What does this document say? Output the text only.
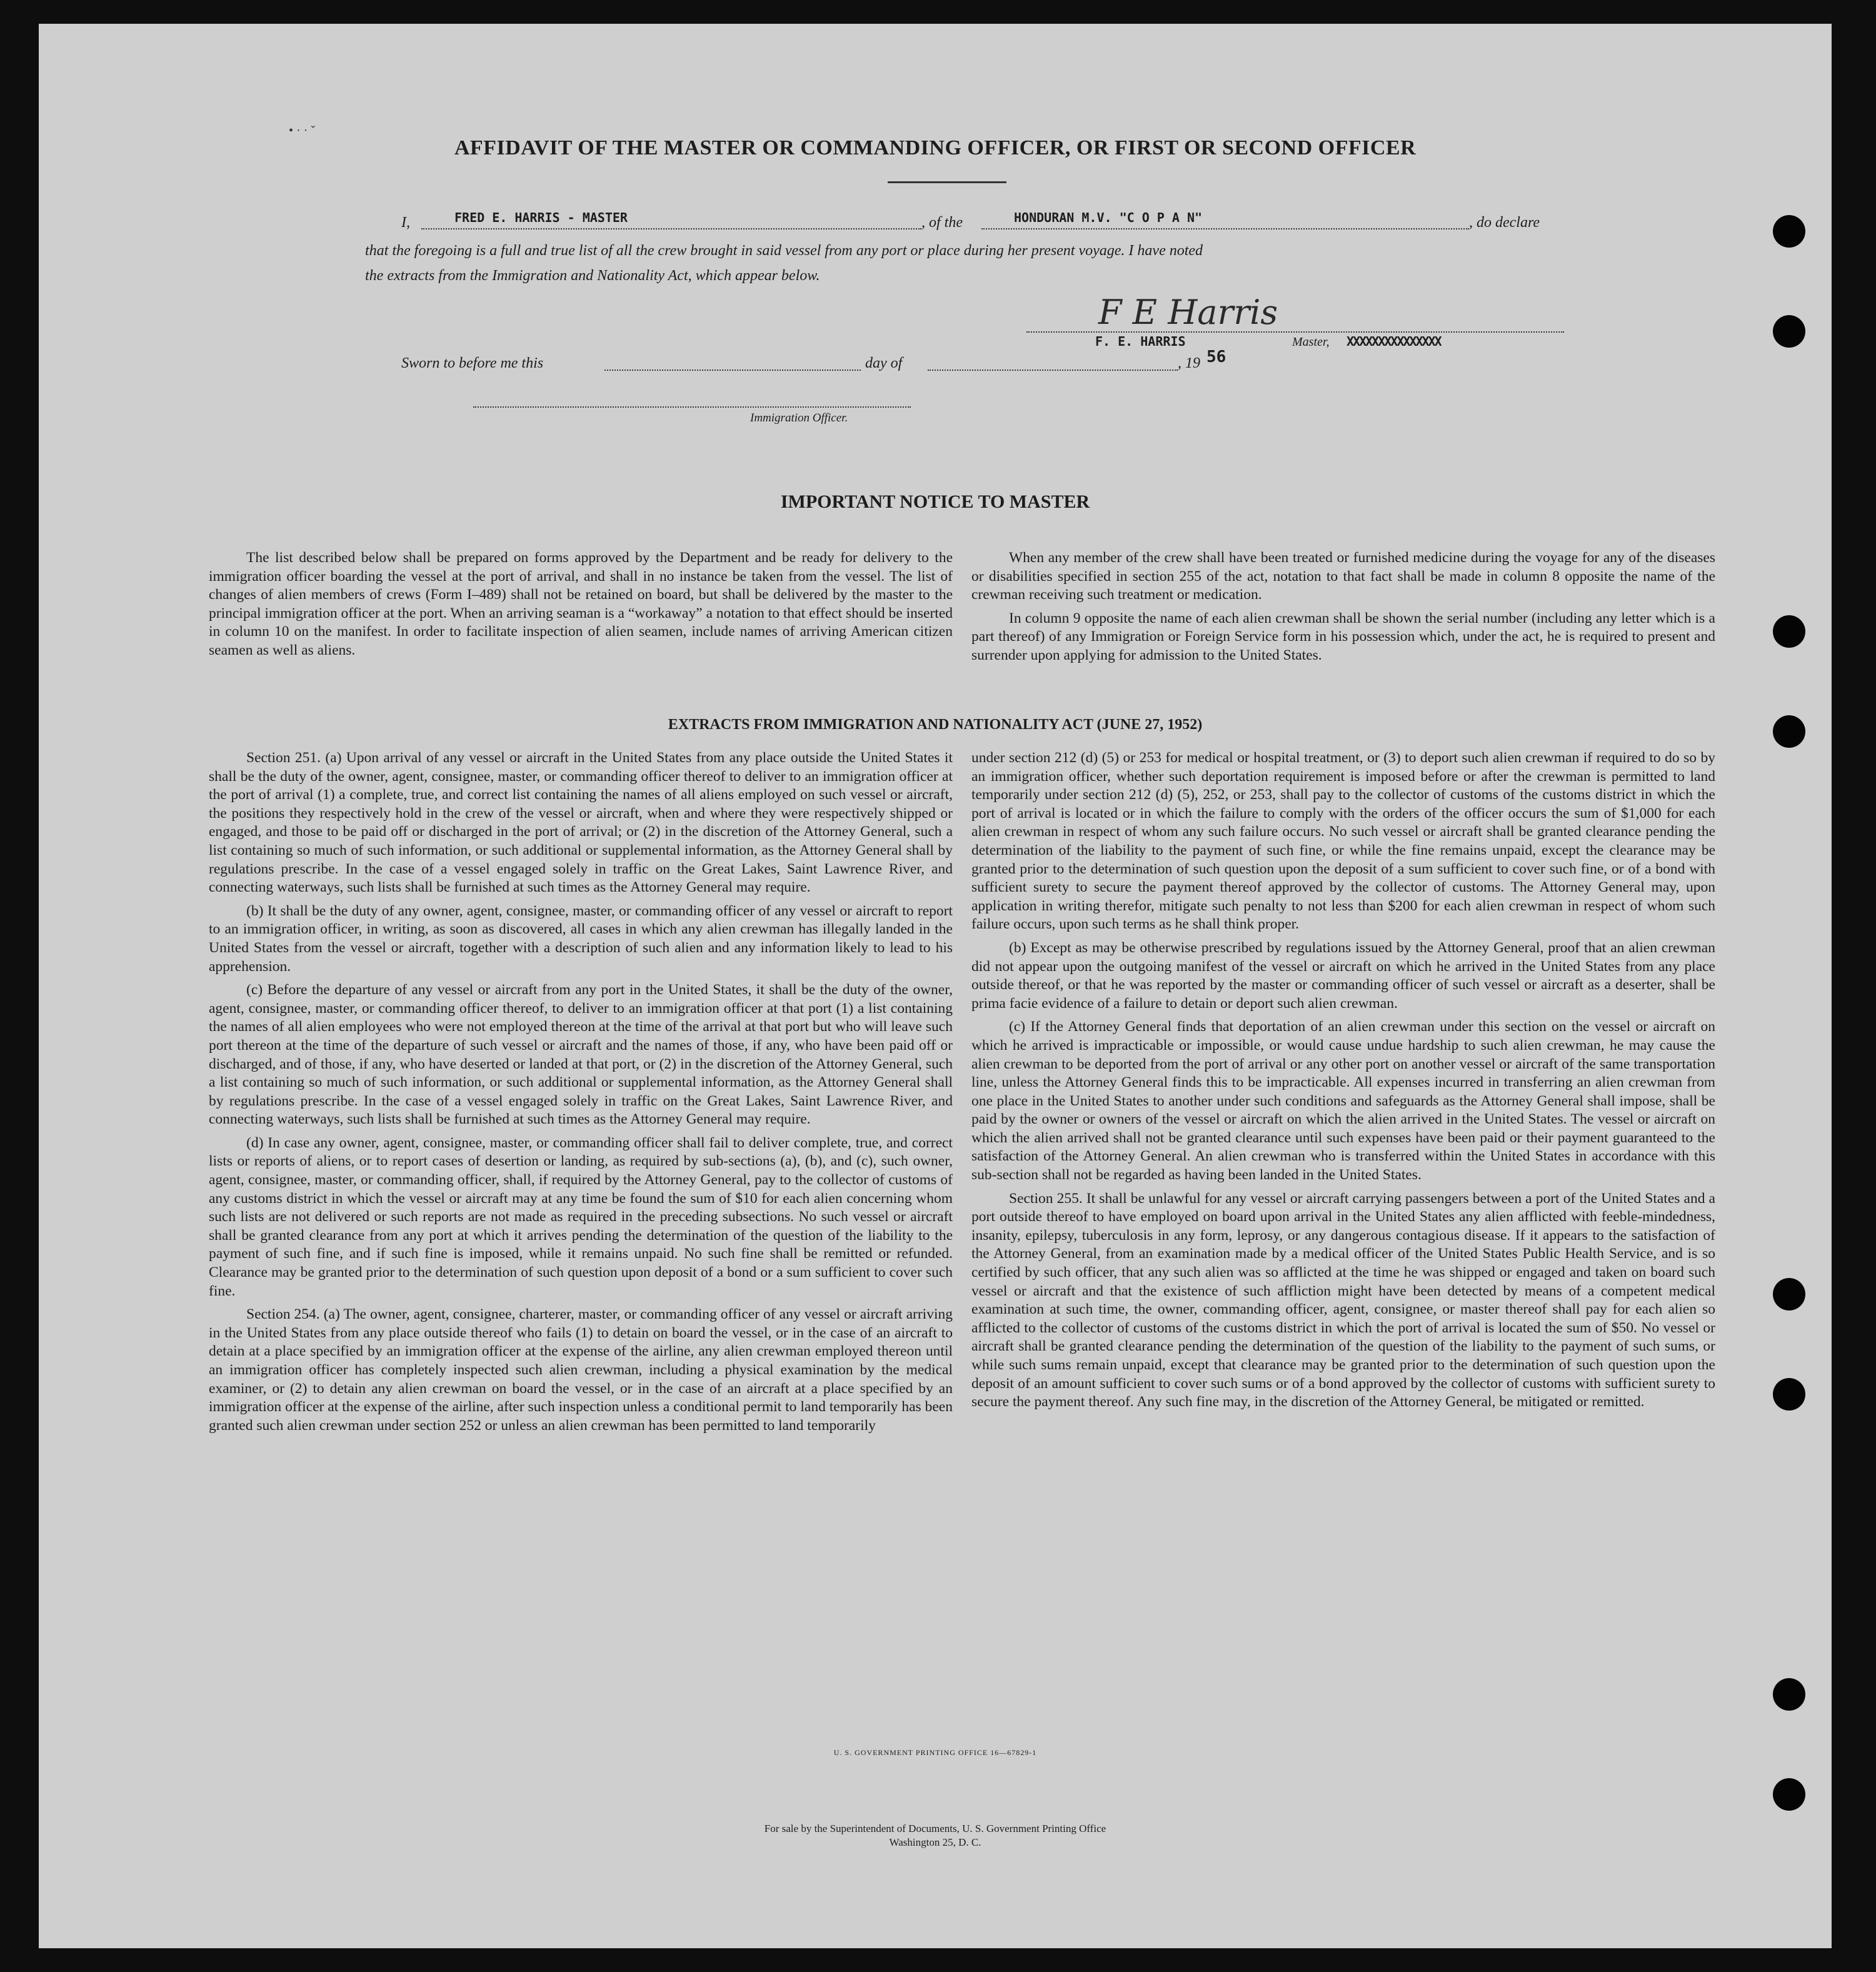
• · · ˇ
AFFIDAVIT OF THE MASTER OR COMMANDING OFFICER, OR FIRST OR SECOND OFFICER
I,	FRED E. HARRIS - MASTER	, of the	HONDURAN M.V. "C O P A N"	, do declare
that the foregoing is a full and true list of all the crew brought in said vessel from any port or place during her present voyage. I have noted
the extracts from the Immigration and Nationality Act, which appear below.
F E Harris
F. E. HARRIS	Master, XXXXXXXXXXXXXXX
Sworn to before me this	day of	, 19 56
Immigration Officer.
IMPORTANT NOTICE TO MASTER

The list described below shall be prepared on forms approved by the Department and be ready for delivery to the immigration officer boarding the vessel at the port of arrival, and shall in no instance be taken from the vessel. The list of changes of alien members of crews (Form I–489) shall not be retained on board, but shall be delivered by the master to the principal immigration officer at the port. When an arriving seaman is a “workaway” a notation to that effect should be inserted in column 10 on the manifest. In order to facilitate inspection of alien seamen, include names of arriving American citizen seamen as well as aliens.

When any member of the crew shall have been treated or furnished medicine during the voyage for any of the diseases or disabilities specified in section 255 of the act, notation to that fact shall be made in column 8 opposite the name of the crewman receiving such treatment or medication.

In column 9 opposite the name of each alien crewman shall be shown the serial number (including any letter which is a part thereof) of any Immigration or Foreign Service form in his possession which, under the act, he is required to present and surrender upon applying for admission to the United States.

EXTRACTS FROM IMMIGRATION AND NATIONALITY ACT (JUNE 27, 1952)

Section 251. (a) Upon arrival of any vessel or aircraft in the United States from any place outside the United States it shall be the duty of the owner, agent, consignee, master, or commanding officer thereof to deliver to an immigration officer at the port of arrival (1) a complete, true, and correct list containing the names of all aliens employed on such vessel or aircraft, the positions they respectively hold in the crew of the vessel or aircraft, when and where they were respectively shipped or engaged, and those to be paid off or discharged in the port of arrival; or (2) in the discretion of the Attorney General, such a list containing so much of such information, or such additional or supplemental information, as the Attorney General shall by regulations prescribe. In the case of a vessel engaged solely in traffic on the Great Lakes, Saint Lawrence River, and connecting waterways, such lists shall be furnished at such times as the Attorney General may require.

(b) It shall be the duty of any owner, agent, consignee, master, or commanding officer of any vessel or aircraft to report to an immigration officer, in writing, as soon as discovered, all cases in which any alien crewman has illegally landed in the United States from the vessel or aircraft, together with a description of such alien and any information likely to lead to his apprehension.

(c) Before the departure of any vessel or aircraft from any port in the United States, it shall be the duty of the owner, agent, consignee, master, or commanding officer thereof, to deliver to an immigration officer at that port (1) a list containing the names of all alien employees who were not employed thereon at the time of the arrival at that port but who will leave such port thereon at the time of the departure of such vessel or aircraft and the names of those, if any, who have been paid off or discharged, and of those, if any, who have deserted or landed at that port, or (2) in the discretion of the Attorney General, such a list containing so much of such information, or such additional or supplemental information, as the Attorney General shall by regulations prescribe. In the case of a vessel engaged solely in traffic on the Great Lakes, Saint Lawrence River, and connecting waterways, such lists shall be furnished at such times as the Attorney General may require.

(d) In case any owner, agent, consignee, master, or commanding officer shall fail to deliver complete, true, and correct lists or reports of aliens, or to report cases of desertion or landing, as required by sub-sections (a), (b), and (c), such owner, agent, consignee, master, or commanding officer, shall, if required by the Attorney General, pay to the collector of customs of any customs district in which the vessel or aircraft may at any time be found the sum of $10 for each alien concerning whom such lists are not delivered or such reports are not made as required in the preceding subsections. No such vessel or aircraft shall be granted clearance from any port at which it arrives pending the determination of the question of the liability to the payment of such fine, and if such fine is imposed, while it remains unpaid. No such fine shall be remitted or refunded. Clearance may be granted prior to the determination of such question upon deposit of a bond or a sum sufficient to cover such fine.

Section 254. (a) The owner, agent, consignee, charterer, master, or commanding officer of any vessel or aircraft arriving in the United States from any place outside thereof who fails (1) to detain on board the vessel, or in the case of an aircraft to detain at a place specified by an immigration officer at the expense of the airline, any alien crewman employed thereon until an immigration officer has completely inspected such alien crewman, including a physical examination by the medical examiner, or (2) to detain any alien crewman on board the vessel, or in the case of an aircraft at a place specified by an immigration officer at the expense of the airline, after such inspection unless a conditional permit to land temporarily has been granted such alien crewman under section 252 or unless an alien crewman has been permitted to land temporarily

under section 212 (d) (5) or 253 for medical or hospital treatment, or (3) to deport such alien crewman if required to do so by an immigration officer, whether such deportation requirement is imposed before or after the crewman is permitted to land temporarily under section 212 (d) (5), 252, or 253, shall pay to the collector of customs of the customs district in which the port of arrival is located or in which the failure to comply with the orders of the officer occurs the sum of $1,000 for each alien crewman in respect of whom any such failure occurs. No such vessel or aircraft shall be granted clearance pending the determination of the liability to the payment of such fine, or while the fine remains unpaid, except the clearance may be granted prior to the determination of such question upon the deposit of a sum sufficient to cover such fine, or of a bond with sufficient surety to secure the payment thereof approved by the collector of customs. The Attorney General may, upon application in writing therefor, mitigate such penalty to not less than $200 for each alien crewman in respect of whom such failure occurs, upon such terms as he shall think proper.

(b) Except as may be otherwise prescribed by regulations issued by the Attorney General, proof that an alien crewman did not appear upon the outgoing manifest of the vessel or aircraft on which he arrived in the United States from any place outside thereof, or that he was reported by the master or commanding officer of such vessel or aircraft as a deserter, shall be prima facie evidence of a failure to detain or deport such alien crewman.

(c) If the Attorney General finds that deportation of an alien crewman under this section on the vessel or aircraft on which he arrived is impracticable or impossible, or would cause undue hardship to such alien crewman, he may cause the alien crewman to be deported from the port of arrival or any other port on another vessel or aircraft of the same transportation line, unless the Attorney General finds this to be impracticable. All expenses incurred in transferring an alien crewman from one place in the United States to another under such conditions and safeguards as the Attorney General shall impose, shall be paid by the owner or owners of the vessel or aircraft on which the alien arrived in the United States. The vessel or aircraft on which the alien arrived shall not be granted clearance until such expenses have been paid or their payment guaranteed to the satisfaction of the Attorney General. An alien crewman who is transferred within the United States in accordance with this sub-section shall not be regarded as having been landed in the United States.

Section 255. It shall be unlawful for any vessel or aircraft carrying passengers between a port of the United States and a port outside thereof to have employed on board upon arrival in the United States any alien afflicted with feeble-mindedness, insanity, epilepsy, tuberculosis in any form, leprosy, or any dangerous contagious disease. If it appears to the satisfaction of the Attorney General, from an examination made by a medical officer of the United States Public Health Service, and is so certified by such officer, that any such alien was so afflicted at the time he was shipped or engaged and taken on board such vessel or aircraft and that the existence of such affliction might have been detected by means of a competent medical examination at such time, the owner, commanding officer, agent, consignee, or master thereof shall pay for each alien so afflicted to the collector of customs of the customs district in which the port of arrival is located the sum of $50. No vessel or aircraft shall be granted clearance pending the determination of the question of the liability to the payment of such sums, or while such sums remain unpaid, except that clearance may be granted prior to the determination of such question upon the deposit of an amount sufficient to cover such sums or of a bond approved by the collector of customs with sufficient surety to secure the payment thereof. Any such fine may, in the discretion of the Attorney General, be mitigated or remitted.

U. S. GOVERNMENT PRINTING OFFICE 16—67829-1
For sale by the Superintendent of Documents, U. S. Government Printing Office
Washington 25, D. C.
